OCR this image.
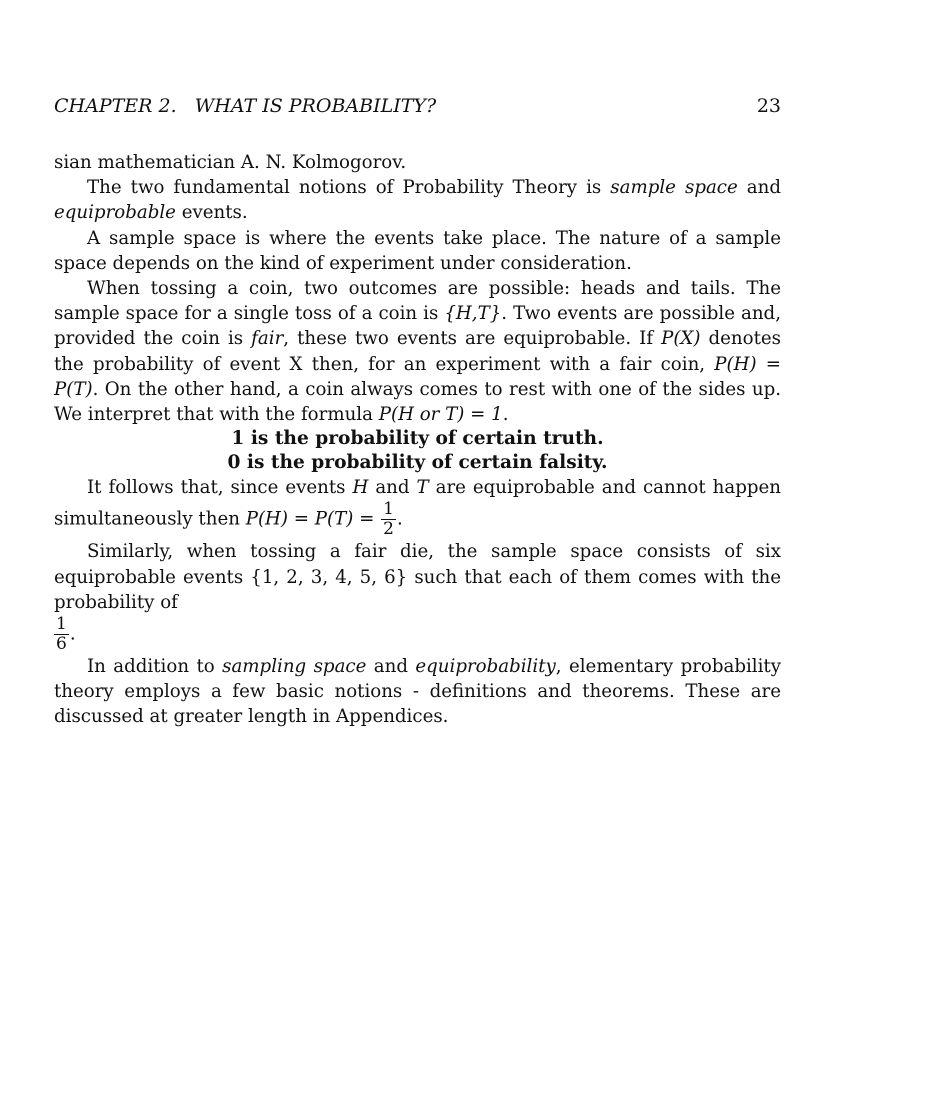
CHAPTER 2.   WHAT IS PROBABILITY?	23

sian mathematician A. N. Kolmogorov.

The two fundamental notions of Probability Theory is sample space and equiprobable events.

A sample space is where the events take place. The nature of a sample space depends on the kind of experiment under consideration.

When tossing a coin, two outcomes are possible: heads and tails. The sample space for a single toss of a coin is {H,T}. Two events are possible and, provided the coin is fair, these two events are equiprobable. If P(X) denotes the probability of event X then, for an experiment with a fair coin, P(H) = P(T). On the other hand, a coin always comes to rest with one of the sides up. We interpret that with the formula P(H or T) = 1.

1 is the probability of certain truth.

0 is the probability of certain falsity.

It follows that, since events H and T are equiprobable and cannot happen simultaneously then $P(H) = P(T) = \frac{1}{2}$ .

Similarly, when tossing a fair die, the sample space consists of six equiprobable events {1, 2, 3, 4, 5, 6} such that each of them comes with the probability of

$\frac{1}{6}$ .

In addition to sampling space and equiprobability, elementary probability theory employs a few basic notions - definitions and theorems. These are discussed at greater length in Appendices.
